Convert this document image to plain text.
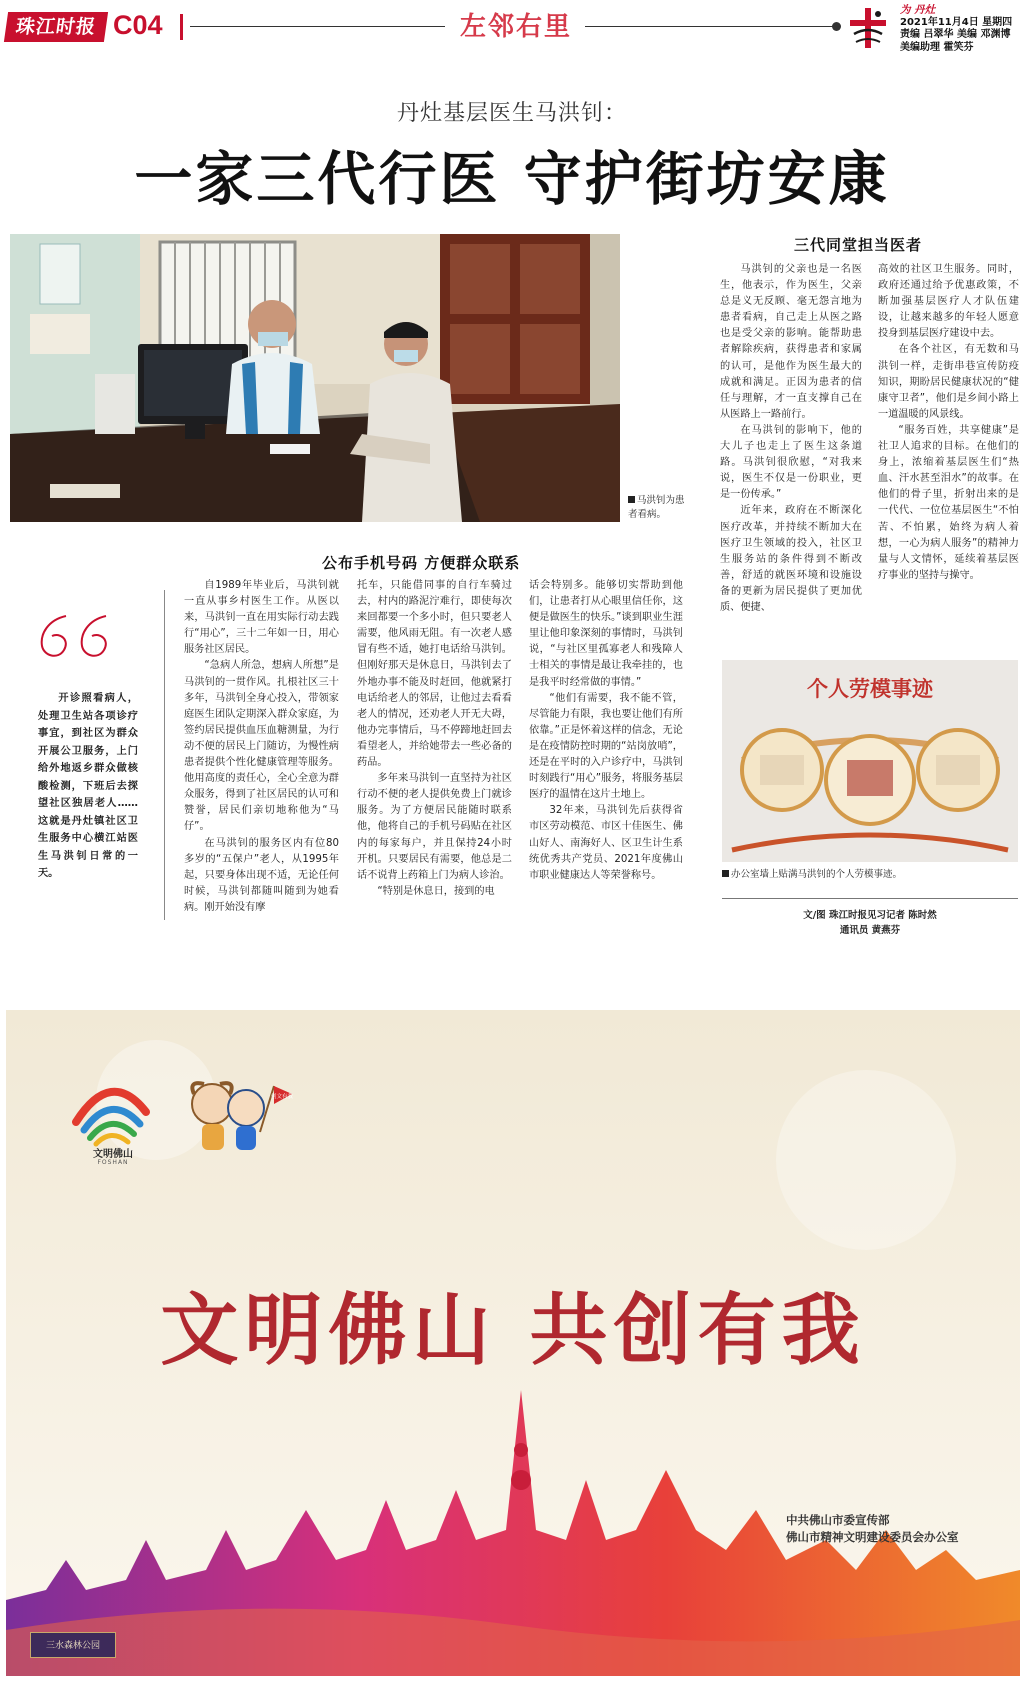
珠江时报 C04	左邻右里
为 丹灶
2021年11月4日 星期四
责编 吕翠华 美编 邓渊博
美编助理 霍笑芬
丹灶基层医生马洪钊：
一家三代行医 守护街坊安康
马洪钊为患者看病。
三代同堂担当医者

马洪钊的父亲也是一名医生，他表示，作为医生，父亲总是义无反顾、毫无怨言地为患者看病，自己走上从医之路也是受父亲的影响。能帮助患者解除疾病，获得患者和家属的认可，是他作为医生最大的成就和满足。正因为患者的信任与理解，才一直支撑自己在从医路上一路前行。

在马洪钊的影响下，他的大儿子也走上了医生这条道路。马洪钊很欣慰，“对我来说，医生不仅是一份职业，更是一份传承。”

近年来，政府在不断深化医疗改革，并持续不断加大在医疗卫生领域的投入，社区卫生服务站的条件得到不断改善，舒适的就医环境和设施设备的更新为居民提供了更加优质、便捷、

高效的社区卫生服务。同时，政府还通过给予优惠政策，不断加强基层医疗人才队伍建设，让越来越多的年轻人愿意投身到基层医疗建设中去。

在各个社区，有无数和马洪钊一样，走街串巷宣传防疫知识，期盼居民健康状况的“健康守卫者”，他们是乡间小路上一道温暖的风景线。

“服务百姓，共享健康”是社卫人追求的目标。在他们的身上，浓缩着基层医生们“热血、汗水甚至泪水”的故事。在他们的骨子里，折射出来的是一代代、一位位基层医生“不怕苦、不怕累，始终为病人着想，一心为病人服务”的精神力量与人文情怀，延续着基层医疗事业的坚持与操守。

个人劳模事迹
办公室墙上贴满马洪钊的个人劳模事迹。
文/图 珠江时报见习记者 陈时然
通讯员 黄燕芬
公布手机号码 方便群众联系
开诊照看病人，处理卫生站各项诊疗事宜，到社区为群众开展公卫服务，上门给外地返乡群众做核酸检测，下班后去探望社区独居老人……这就是丹灶镇社区卫生服务中心横江站医生马洪钊日常的一天。

自1989年毕业后，马洪钊就一直从事乡村医生工作。从医以来，马洪钊一直在用实际行动去践行“用心”，三十二年如一日，用心服务社区居民。

“急病人所急，想病人所想”是马洪钊的一贯作风。扎根社区三十多年，马洪钊全身心投入，带领家庭医生团队定期深入群众家庭，为签约居民提供血压血糖测量，为行动不便的居民上门随访，为慢性病患者提供个性化健康管理等服务。他用高度的责任心，全心全意为群众服务，得到了社区居民的认可和赞誉，居民们亲切地称他为“马仔”。

在马洪钊的服务区内有位80多岁的“五保户”老人，从1995年起，只要身体出现不适，无论任何时候，马洪钊都随叫随到为她看病。刚开始没有摩

托车，只能借同事的自行车骑过去，村内的路泥泞难行，即使每次来回都要一个多小时，但只要老人需要，他风雨无阻。有一次老人感冒有些不适，她打电话给马洪钊。但刚好那天是休息日，马洪钊去了外地办事不能及时赶回，他就紧打电话给老人的邻居，让他过去看看老人的情况，还劝老人开无大碍，他办完事情后，马不停蹄地赶回去看望老人，并给她带去一些必备的药品。

多年来马洪钊一直坚持为社区行动不便的老人提供免费上门就诊服务。为了方便居民能随时联系他，他将自己的手机号码贴在社区内的每家每户，并且保持24小时开机。只要居民有需要，他总是二话不说背上药箱上门为病人诊治。

“特别是休息日，接到的电

话会特别多。能够切实帮助到他们，让患者打从心眼里信任你，这便是做医生的快乐。”谈到职业生涯里让他印象深刻的事情时，马洪钊说，“与社区里孤寡老人和残障人士相关的事情是最让我牵挂的，也是我平时经常做的事情。”

“他们有需要，我不能不管，尽管能力有限，我也要让他们有所依靠。”正是怀着这样的信念，无论是在疫情防控时期的“站岗放哨”，还是在平时的入户诊疗中，马洪钊时刻践行“用心”服务，将服务基层医疗的温情在这片土地上。

32年来，马洪钊先后获得省市区劳动模范、市区十佳医生、佛山好人、南海好人、区卫生计生系统优秀共产党员、2021年度佛山市职业健康达人等荣誉称号。

文明佛山
FOSHAN
创文有我
文明佛山 共创有我
三水森林公园
中共佛山市委宣传部
佛山市精神文明建设委员会办公室
